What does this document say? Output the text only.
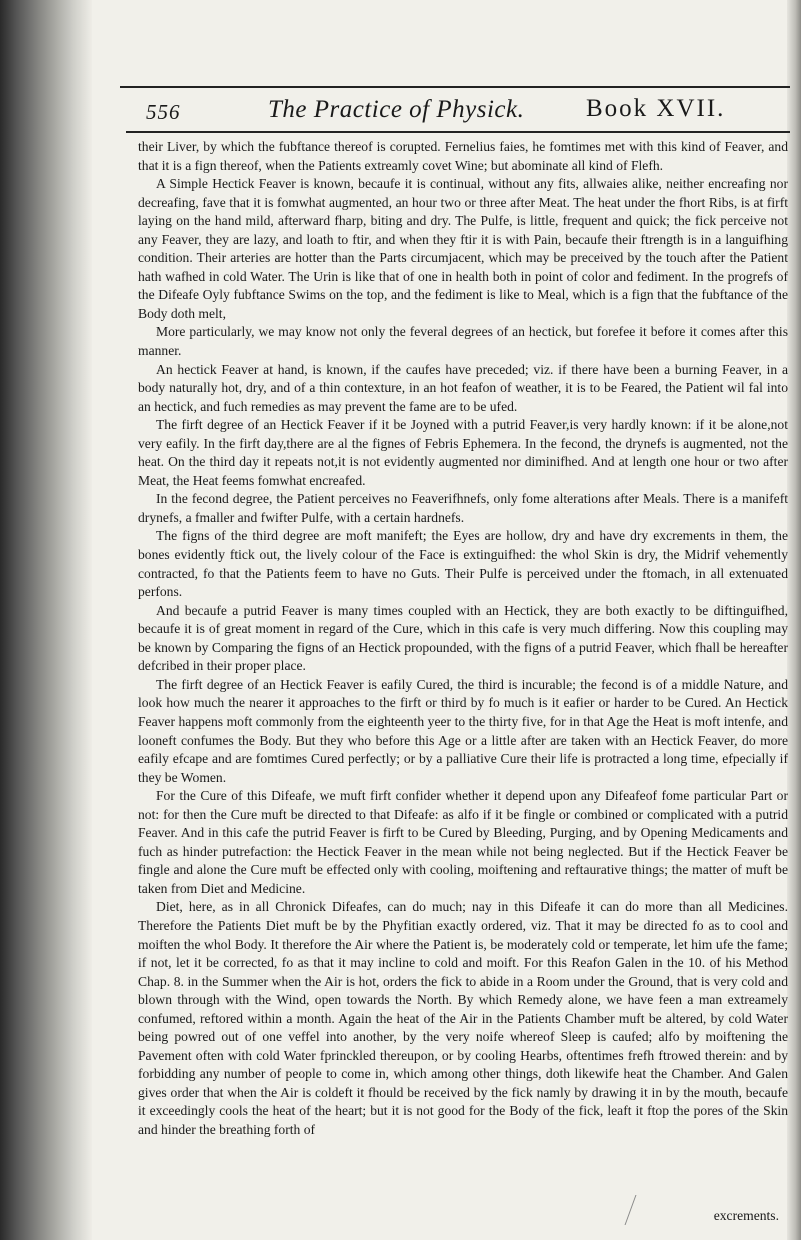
556	The Practice of Physick. Book XVII.

their Liver, by which the fubftance thereof is corupted. Fernelius faies, he fomtimes met with this kind of Feaver, and that it is a fign thereof, when the Patients extreamly covet Wine; but abominate all kind of Flefh.

A Simple Hectick Feaver is known, becaufe it is continual, without any fits, allwaies alike, neither encreafing nor decreafing, fave that it is fomwhat augmented, an hour two or three after Meat. The heat under the fhort Ribs, is at firft laying on the hand mild, afterward fharp, biting and dry. The Pulfe, is little, frequent and quick; the fick perceive not any Feaver, they are lazy, and loath to ftir, and when they ftir it is with Pain, becaufe their ftrength is in a languifhing condition. Their arteries are hotter than the Parts circumjacent, which may be preceived by the touch after the Patient hath wafhed in cold Water. The Urin is like that of one in health both in point of color and fediment. In the progrefs of the Difeafe Oyly fubftance Swims on the top, and the fediment is like to Meal, which is a fign that the fubftance of the Body doth melt,

More particularly, we may know not only the feveral degrees of an hectick, but forefee it before it comes after this manner.

An hectick Feaver at hand, is known, if the caufes have preceded; viz. if there have been a burning Feaver, in a body naturally hot, dry, and of a thin contexture, in an hot feafon of weather, it is to be Feared, the Patient wil fal into an hectick, and fuch remedies as may prevent the fame are to be ufed.

The firft degree of an Hectick Feaver if it be Joyned with a putrid Feaver,is very hardly known: if it be alone,not very eafily. In the firft day,there are al the fignes of Febris Ephemera. In the fecond, the drynefs is augmented, not the heat. On the third day it repeats not,it is not evidently augmented nor diminifhed. And at length one hour or two after Meat, the Heat feems fomwhat encreafed.

In the fecond degree, the Patient perceives no Feaverifhnefs, only fome alterations after Meals. There is a manifeft drynefs, a fmaller and fwifter Pulfe, with a certain hardnefs.

The figns of the third degree are moft manifeft; the Eyes are hollow, dry and have dry excrements in them, the bones evidently ftick out, the lively colour of the Face is extinguifhed: the whol Skin is dry, the Midrif vehemently contracted, fo that the Patients feem to have no Guts. Their Pulfe is perceived under the ftomach, in all extenuated perfons.

And becaufe a putrid Feaver is many times coupled with an Hectick, they are both exactly to be diftinguifhed, becaufe it is of great moment in regard of the Cure, which in this cafe is very much differing. Now this coupling may be known by Comparing the figns of an Hectick propounded, with the figns of a putrid Feaver, which fhall be hereafter defcribed in their proper place.

The firft degree of an Hectick Feaver is eafily Cured, the third is incurable; the fecond is of a middle Nature, and look how much the nearer it approaches to the firft or third by fo much is it eafier or harder to be Cured. An Hectick Feaver happens moft commonly from the eighteenth yeer to the thirty five, for in that Age the Heat is moft intenfe, and looneft confumes the Body. But they who before this Age or a little after are taken with an Hectick Feaver, do more eafily efcape and are fomtimes Cured perfectly; or by a palliative Cure their life is protracted a long time, efpecially if they be Women.

For the Cure of this Difeafe, we muft firft confider whether it depend upon any Difeafeof fome particular Part or not: for then the Cure muft be directed to that Difeafe: as alfo if it be fingle or combined or complicated with a putrid Feaver. And in this cafe the putrid Feaver is firft to be Cured by Bleeding, Purging, and by Opening Medicaments and fuch as hinder putrefaction: the Hectick Feaver in the mean while not being neglected. But if the Hectick Feaver be fingle and alone the Cure muft be effected only with cooling, moiftening and reftaurative things; the matter of muft be taken from Diet and Medicine.

Diet, here, as in all Chronick Difeafes, can do much; nay in this Difeafe it can do more than all Medicines. Therefore the Patients Diet muft be by the Phyfitian exactly ordered, viz. That it may be directed fo as to cool and moiften the whol Body. It therefore the Air where the Patient is, be moderately cold or temperate, let him ufe the fame; if not, let it be corrected, fo as that it may incline to cold and moift. For this Reafon Galen in the 10. of his Method Chap. 8. in the Summer when the Air is hot, orders the fick to abide in a Room under the Ground, that is very cold and blown through with the Wind, open towards the North. By which Remedy alone, we have feen a man extreamely confumed, reftored within a month. Again the heat of the Air in the Patients Chamber muft be altered, by cold Water being powred out of one veffel into another, by the very noife whereof Sleep is caufed; alfo by moiftening the Pavement often with cold Water fprinckled thereupon, or by cooling Hearbs, oftentimes frefh ftrowed therein: and by forbidding any number of people to come in, which among other things, doth likewife heat the Chamber. And Galen gives order that when the Air is coldeft it fhould be received by the fick namly by drawing it in by the mouth, becaufe it exceedingly cools the heat of the heart; but it is not good for the Body of the fick, leaft it ftop the pores of the Skin and hinder the breathing forth of

excrements.
